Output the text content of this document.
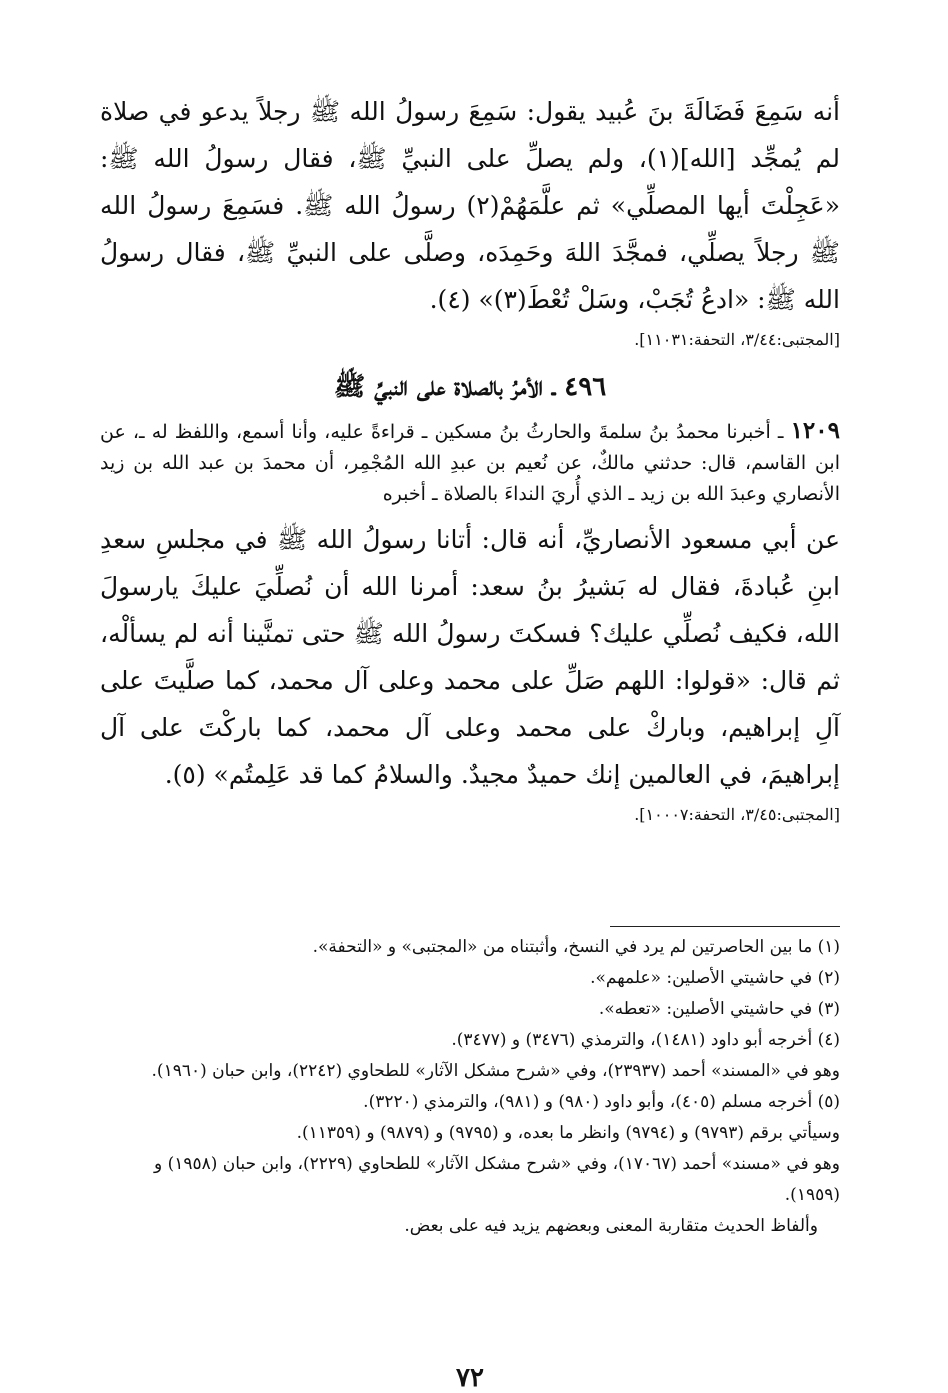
أنه سَمِعَ فَضَالَةَ بنَ عُبيد يقول: سَمِعَ رسولُ الله ﷺ رجلاً يدعو في صلاة لم يُمجِّد [الله](١)، ولم يصلِّ على النبيِّ ﷺ، فقال رسولُ الله ﷺ: «عَجِلْتَ أيها المصلِّي» ثم علَّمَهُمْ(٢) رسولُ الله ﷺ. فسَمِعَ رسولُ الله ﷺ رجلاً يصلِّي، فمجَّدَ اللهَ وحَمِدَه، وصلَّى على النبيِّ ﷺ، فقال رسولُ الله ﷺ: «ادعُ تُجَبْ، وسَلْ تُعْطَ(٣)» (٤).

[المجتبى:٣/٤٤، التحفة:١١٠٣١].

٤٩٦ ـ الأمرُ بالصلاة على النبيِّ ﷺ

١٢٠٩ ـ أخبرنا محمدُ بنُ سلمةَ والحارثُ بنُ مسكين ـ قراءةً عليه، وأنا أسمع، واللفظ له ـ، عن ابن القاسم، قال: حدثني مالكٌ، عن نُعيم بن عبدِ الله المُجْمِر، أن محمدَ بن عبد الله بن زيد الأنصاري وعبدَ الله بن زيد ـ الذي أُريَ النداءَ بالصلاة ـ أخبره

عن أبي مسعود الأنصاريِّ، أنه قال: أتانا رسولُ الله ﷺ في مجلسِ سعدِ ابنِ عُبادةَ، فقال له بَشيرُ بنُ سعد: أمرنا الله أن نُصلِّيَ عليكَ يارسولَ الله، فكيف نُصلِّي عليك؟ فسكتَ رسولُ الله ﷺ حتى تمنَّينا أنه لم يسألْه، ثم قال: «قولوا: اللهم صَلِّ على محمد وعلى آل محمد، كما صلَّيتَ على آلِ إبراهيم، وباركْ على محمد وعلى آل محمد، كما باركْتَ على آل إبراهيمَ، في العالمين إنك حميدٌ مجيدٌ. والسلامُ كما قد عَلِمتُم» (٥).

[المجتبى:٣/٤٥، التحفة:١٠٠٠٧].

(١) ما بين الحاصرتين لم يرد في النسخ، وأثبتناه من «المجتبى» و «التحفة».

(٢) في حاشيتي الأصلين: «علمهم».

(٣) في حاشيتي الأصلين: «تعطه».

(٤) أخرجه أبو داود (١٤٨١)، والترمذي (٣٤٧٦) و (٣٤٧٧).

وهو في «المسند» أحمد (٢٣٩٣٧)، وفي «شرح مشكل الآثار» للطحاوي (٢٢٤٢)، وابن حبان (١٩٦٠).

(٥) أخرجه مسلم (٤٠٥)، وأبو داود (٩٨٠) و (٩٨١)، والترمذي (٣٢٢٠).

وسيأتي برقم (٩٧٩٣) و (٩٧٩٤) وانظر ما بعده، و (٩٧٩٥) و (٩٨٧٩) و (١١٣٥٩).

وهو في «مسند» أحمد (١٧٠٦٧)، وفي «شرح مشكل الآثار» للطحاوي (٢٢٢٩)، وابن حبان (١٩٥٨) و (١٩٥٩).

وألفاظ الحديث متقاربة المعنى وبعضهم يزيد فيه على بعض.

٧٢
